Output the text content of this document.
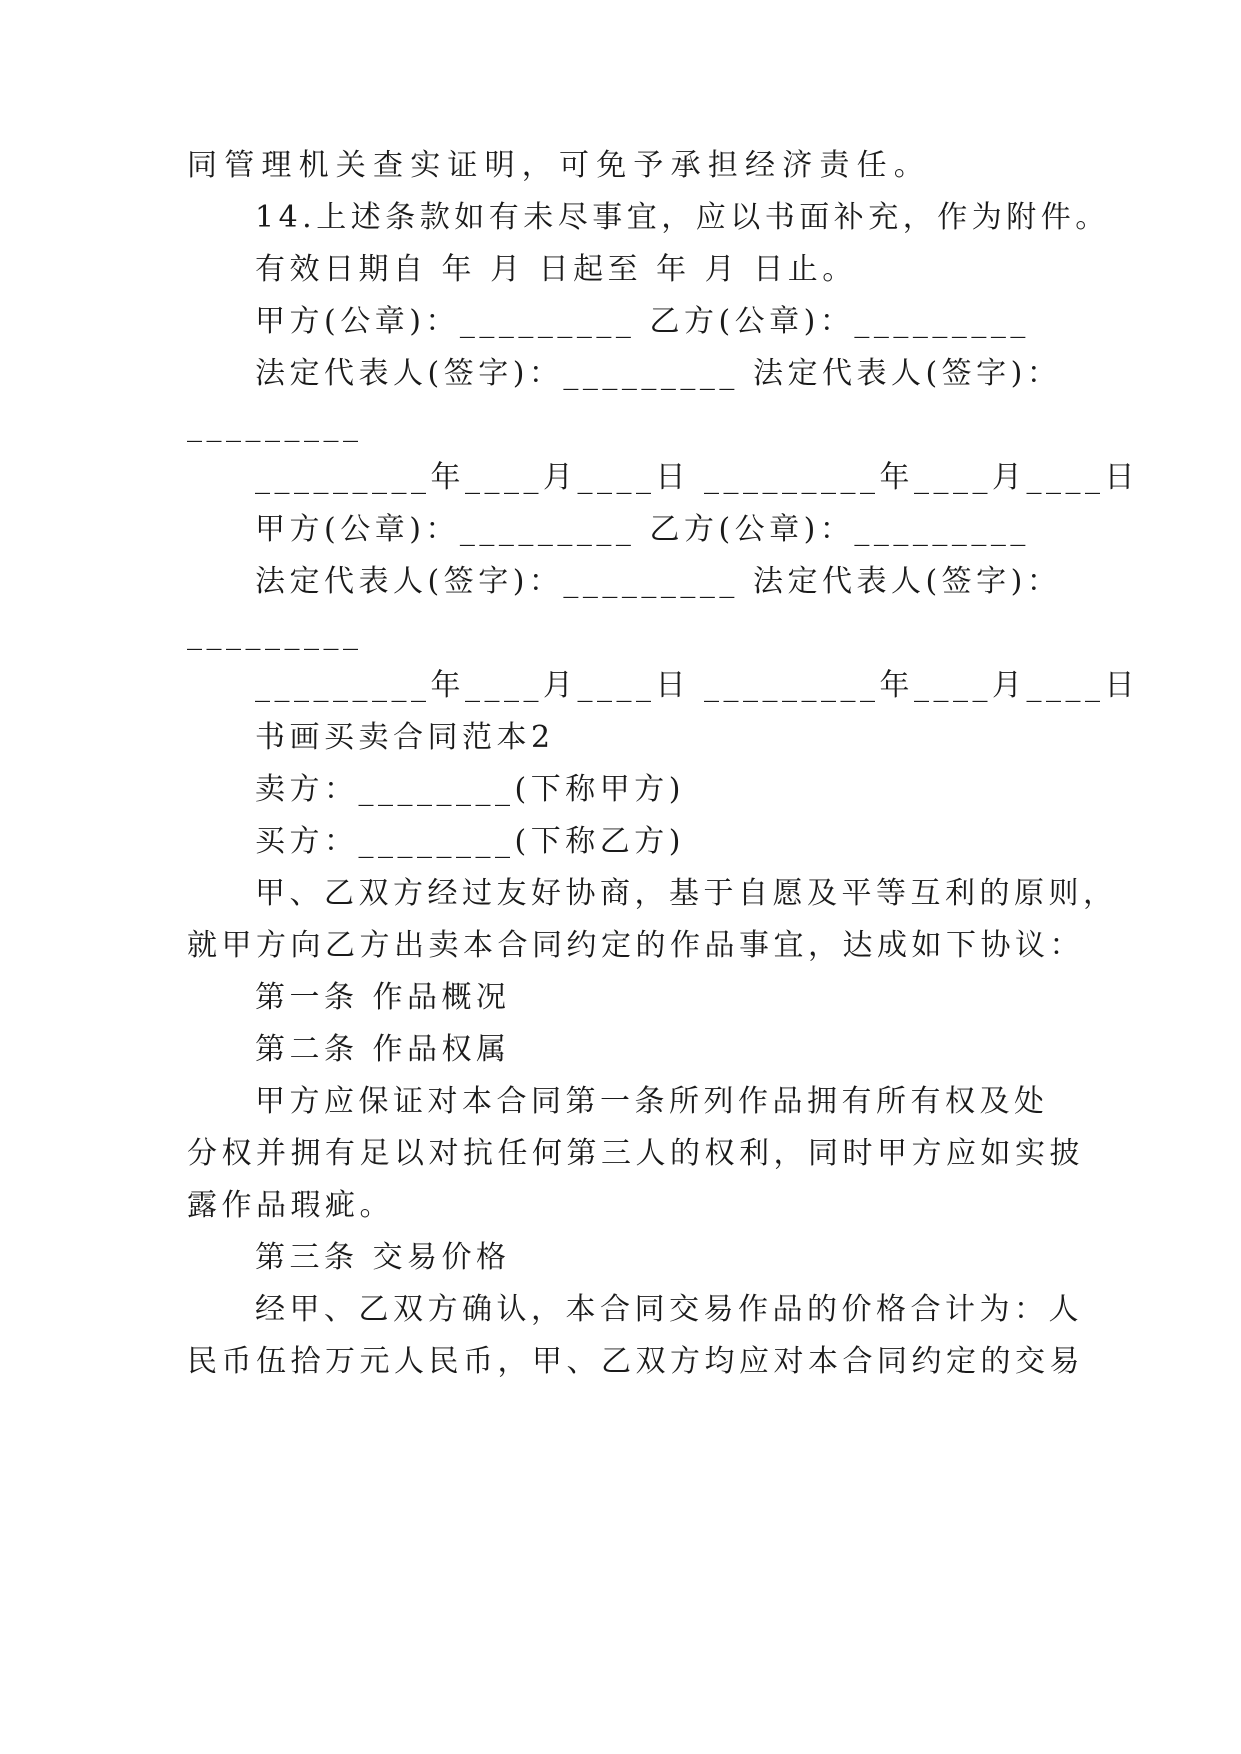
同管理机关查实证明，可免予承担经济责任。
14.上述条款如有未尽事宜，应以书面补充，作为附件。
有效日期自 年 月 日起至 年 月 日止。
甲方(公章)：_________ 乙方(公章)：_________
法定代表人(签字)：_________ 法定代表人(签字)：
_________
_________年____月____日 _________年____月____日
甲方(公章)：_________ 乙方(公章)：_________
法定代表人(签字)：_________ 法定代表人(签字)：
_________
_________年____月____日 _________年____月____日
书画买卖合同范本2
卖方：________(下称甲方)
买方：________(下称乙方)
甲、乙双方经过友好协商，基于自愿及平等互利的原则，
就甲方向乙方出卖本合同约定的作品事宜，达成如下协议：
第一条 作品概况
第二条 作品权属
甲方应保证对本合同第一条所列作品拥有所有权及处
分权并拥有足以对抗任何第三人的权利，同时甲方应如实披
露作品瑕疵。
第三条 交易价格
经甲、乙双方确认，本合同交易作品的价格合计为：人
民币伍拾万元人民币，甲、乙双方均应对本合同约定的交易
